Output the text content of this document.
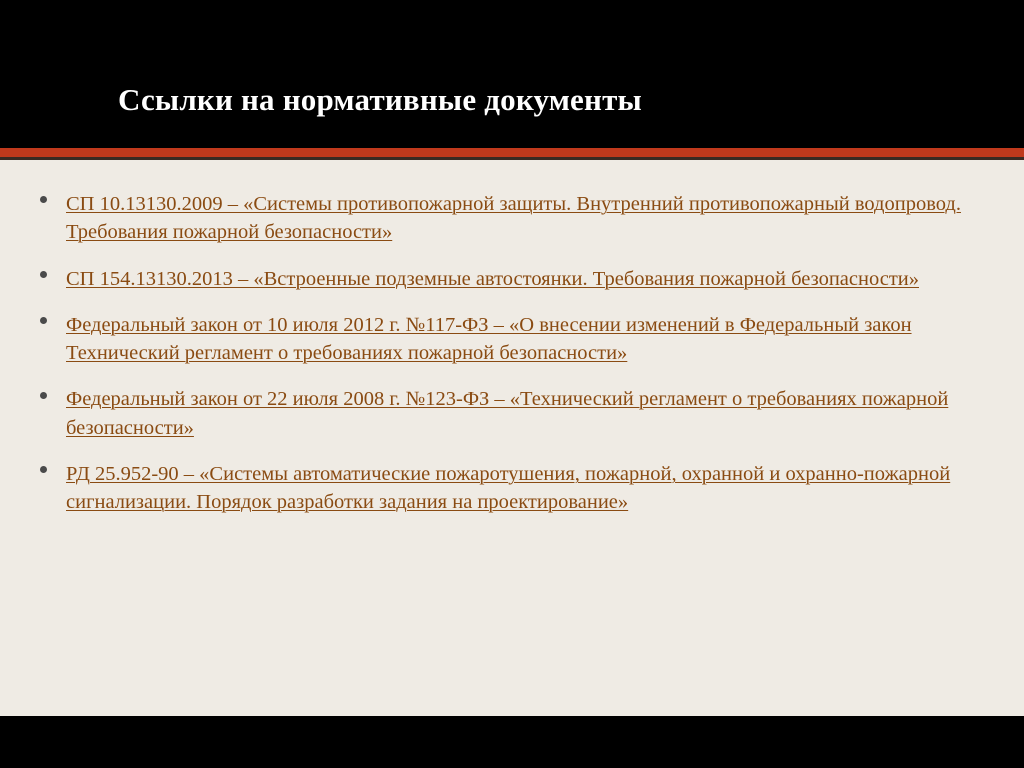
Ссылки на нормативные документы
СП 10.13130.2009 – «Системы противопожарной защиты. Внутренний противопожарный водопровод. Требования пожарной безопасности»
СП 154.13130.2013 – «Встроенные подземные автостоянки. Требования пожарной безопасности»
Федеральный закон от 10 июля 2012 г. №117-ФЗ – «О внесении изменений в Федеральный закон Технический регламент о требованиях пожарной безопасности»
Федеральный закон от 22 июля 2008 г. №123-ФЗ – «Технический регламент о требованиях пожарной безопасности»
РД 25.952-90 – «Системы автоматические пожаротушения, пожарной, охранной и охранно-пожарной сигнализации. Порядок разработки задания на проектирование»
